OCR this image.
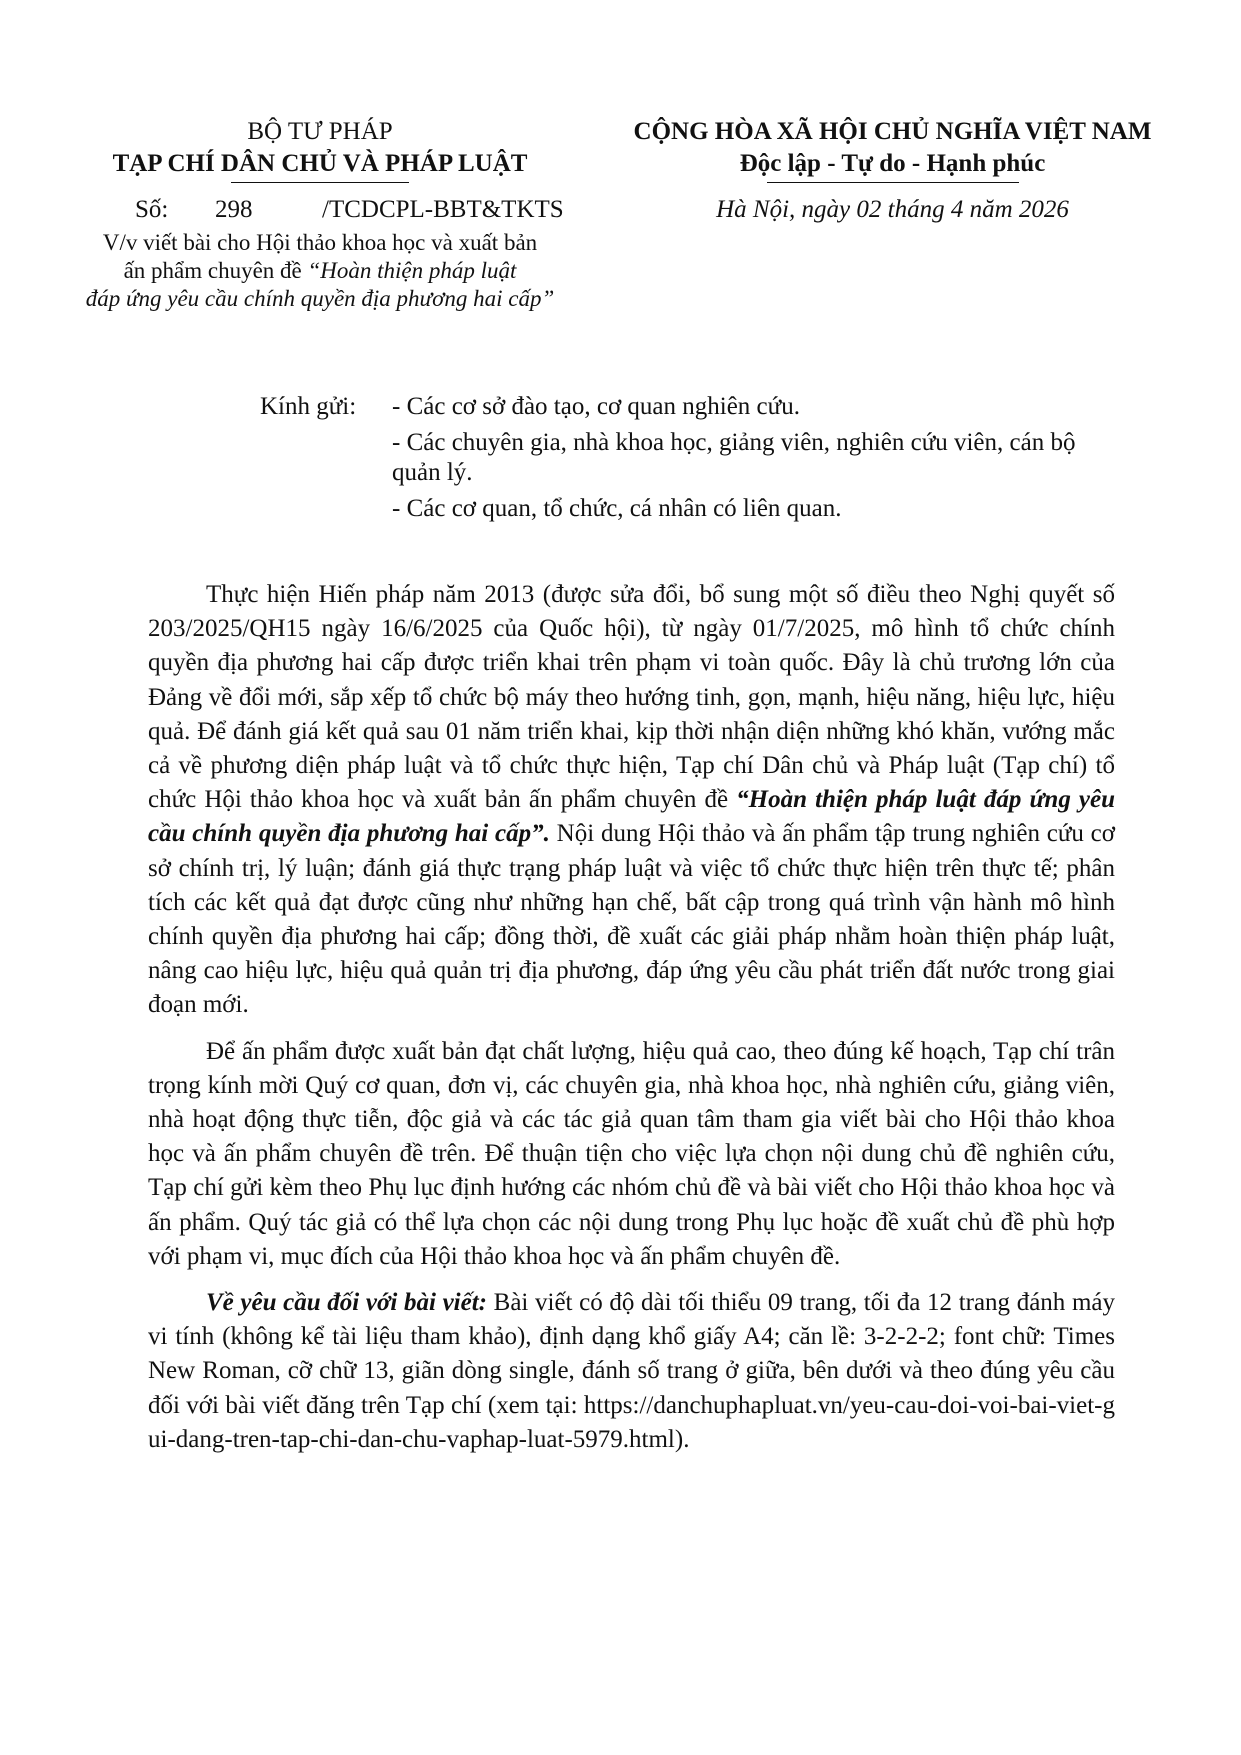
BỘ TƯ PHÁP
TẠP CHÍ DÂN CHỦ VÀ PHÁP LUẬT
Số: 298	/TCDCPL-BBT&TKTS
V/v viết bài cho Hội thảo khoa học và xuất bản
ấn phẩm chuyên đề “Hoàn thiện pháp luật
đáp ứng yêu cầu chính quyền địa phương hai cấp”
CỘNG HÒA XÃ HỘI CHỦ NGHĨA VIỆT NAM
Độc lập - Tự do - Hạnh phúc
Hà Nội, ngày 02 tháng 4 năm 2026
Kính gửi: - Các cơ sở đào tạo, cơ quan nghiên cứu.
- Các chuyên gia, nhà khoa học, giảng viên, nghiên cứu viên, cán bộ quản lý.
- Các cơ quan, tổ chức, cá nhân có liên quan.

Thực hiện Hiến pháp năm 2013 (được sửa đổi, bổ sung một số điều theo Nghị quyết số 203/2025/QH15 ngày 16/6/2025 của Quốc hội), từ ngày 01/7/2025, mô hình tổ chức chính quyền địa phương hai cấp được triển khai trên phạm vi toàn quốc. Đây là chủ trương lớn của Đảng về đổi mới, sắp xếp tổ chức bộ máy theo hướng tinh, gọn, mạnh, hiệu năng, hiệu lực, hiệu quả. Để đánh giá kết quả sau 01 năm triển khai, kịp thời nhận diện những khó khăn, vướng mắc cả về phương diện pháp luật và tổ chức thực hiện, Tạp chí Dân chủ và Pháp luật (Tạp chí) tổ chức Hội thảo khoa học và xuất bản ấn phẩm chuyên đề “Hoàn thiện pháp luật đáp ứng yêu cầu chính quyền địa phương hai cấp”. Nội dung Hội thảo và ấn phẩm tập trung nghiên cứu cơ sở chính trị, lý luận; đánh giá thực trạng pháp luật và việc tổ chức thực hiện trên thực tế; phân tích các kết quả đạt được cũng như những hạn chế, bất cập trong quá trình vận hành mô hình chính quyền địa phương hai cấp; đồng thời, đề xuất các giải pháp nhằm hoàn thiện pháp luật, nâng cao hiệu lực, hiệu quả quản trị địa phương, đáp ứng yêu cầu phát triển đất nước trong giai đoạn mới.

Để ấn phẩm được xuất bản đạt chất lượng, hiệu quả cao, theo đúng kế hoạch, Tạp chí trân trọng kính mời Quý cơ quan, đơn vị, các chuyên gia, nhà khoa học, nhà nghiên cứu, giảng viên, nhà hoạt động thực tiễn, độc giả và các tác giả quan tâm tham gia viết bài cho Hội thảo khoa học và ấn phẩm chuyên đề trên. Để thuận tiện cho việc lựa chọn nội dung chủ đề nghiên cứu, Tạp chí gửi kèm theo Phụ lục định hướng các nhóm chủ đề và bài viết cho Hội thảo khoa học và ấn phẩm. Quý tác giả có thể lựa chọn các nội dung trong Phụ lục hoặc đề xuất chủ đề phù hợp với phạm vi, mục đích của Hội thảo khoa học và ấn phẩm chuyên đề.

Về yêu cầu đối với bài viết: Bài viết có độ dài tối thiểu 09 trang, tối đa 12 trang đánh máy vi tính (không kể tài liệu tham khảo), định dạng khổ giấy A4; căn lề: 3-2-2-2; font chữ: Times New Roman, cỡ chữ 13, giãn dòng single, đánh số trang ở giữa, bên dưới và theo đúng yêu cầu đối với bài viết đăng trên Tạp chí (xem tại: https://danchuphapluat.vn/yeu-cau-doi-voi-bai-viet-gui-dang-tren-tap-chi-dan-chu-vaphap-luat-5979.html).
